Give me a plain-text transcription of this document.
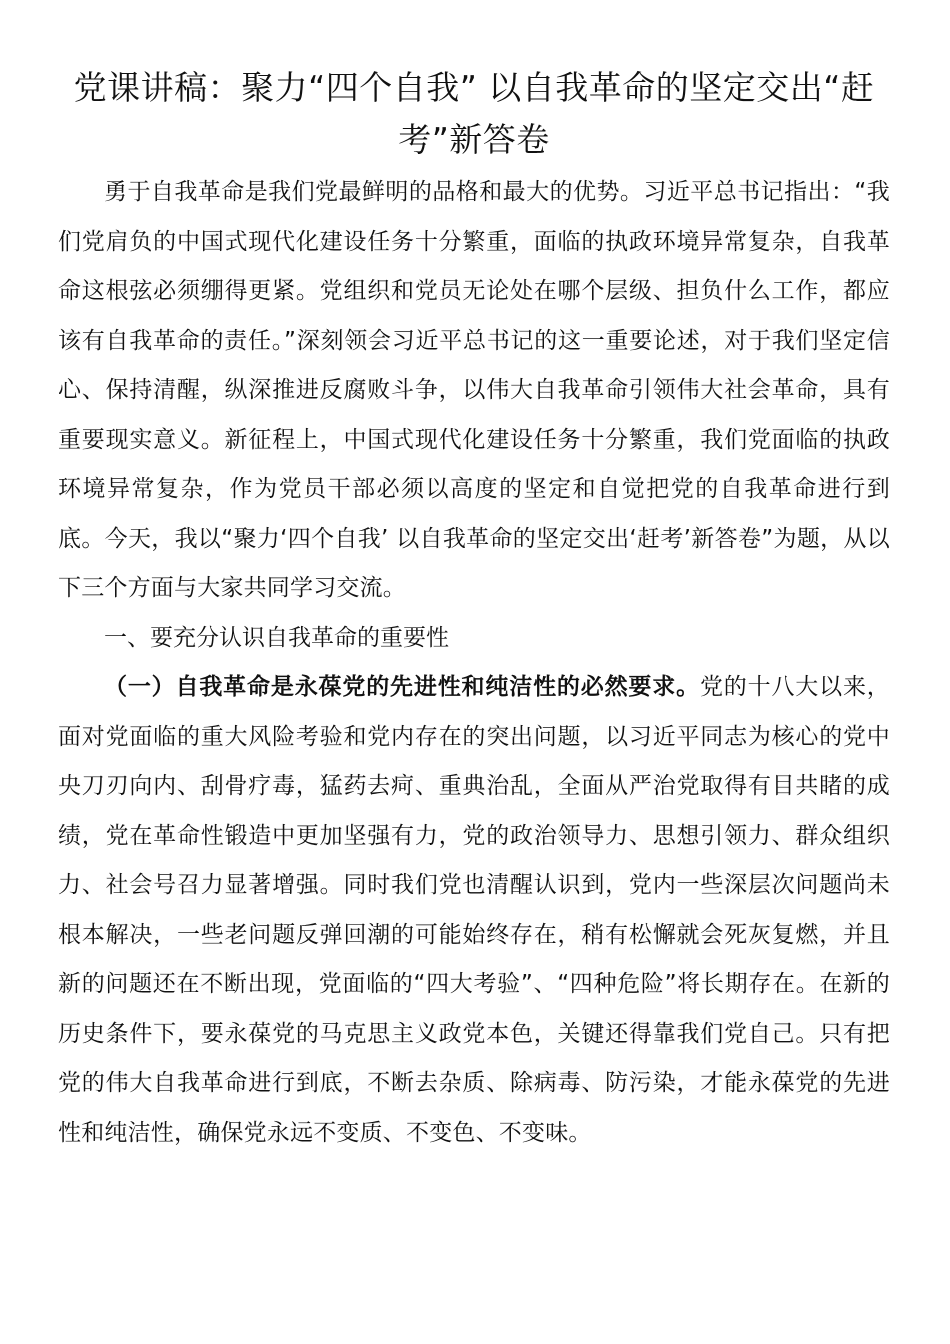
党课讲稿：聚力“四个自我” 以自我革命的坚定交出“赶考”新答卷

勇于自我革命是我们党最鲜明的品格和最大的优势。习近平总书记指出：“我们党肩负的中国式现代化建设任务十分繁重，面临的执政环境异常复杂，自我革命这根弦必须绷得更紧。党组织和党员无论处在哪个层级、担负什么工作，都应该有自我革命的责任。”深刻领会习近平总书记的这一重要论述，对于我们坚定信心、保持清醒，纵深推进反腐败斗争，以伟大自我革命引领伟大社会革命，具有重要现实意义。新征程上，中国式现代化建设任务十分繁重，我们党面临的执政环境异常复杂，作为党员干部必须以高度的坚定和自觉把党的自我革命进行到底。今天，我以“聚力‘四个自我’ 以自我革命的坚定交出‘赶考’新答卷”为题，从以下三个方面与大家共同学习交流。

一、要充分认识自我革命的重要性

（一）自我革命是永葆党的先进性和纯洁性的必然要求。党的十八大以来，面对党面临的重大风险考验和党内存在的突出问题，以习近平同志为核心的党中央刀刃向内、刮骨疗毒，猛药去疴、重典治乱，全面从严治党取得有目共睹的成绩，党在革命性锻造中更加坚强有力，党的政治领导力、思想引领力、群众组织力、社会号召力显著增强。同时我们党也清醒认识到，党内一些深层次问题尚未根本解决，一些老问题反弹回潮的可能始终存在，稍有松懈就会死灰复燃，并且新的问题还在不断出现，党面临的“四大考验”、“四种危险”将长期存在。在新的历史条件下，要永葆党的马克思主义政党本色，关键还得靠我们党自己。只有把党的伟大自我革命进行到底，不断去杂质、除病毒、防污染，才能永葆党的先进性和纯洁性，确保党永远不变质、不变色、不变味。
